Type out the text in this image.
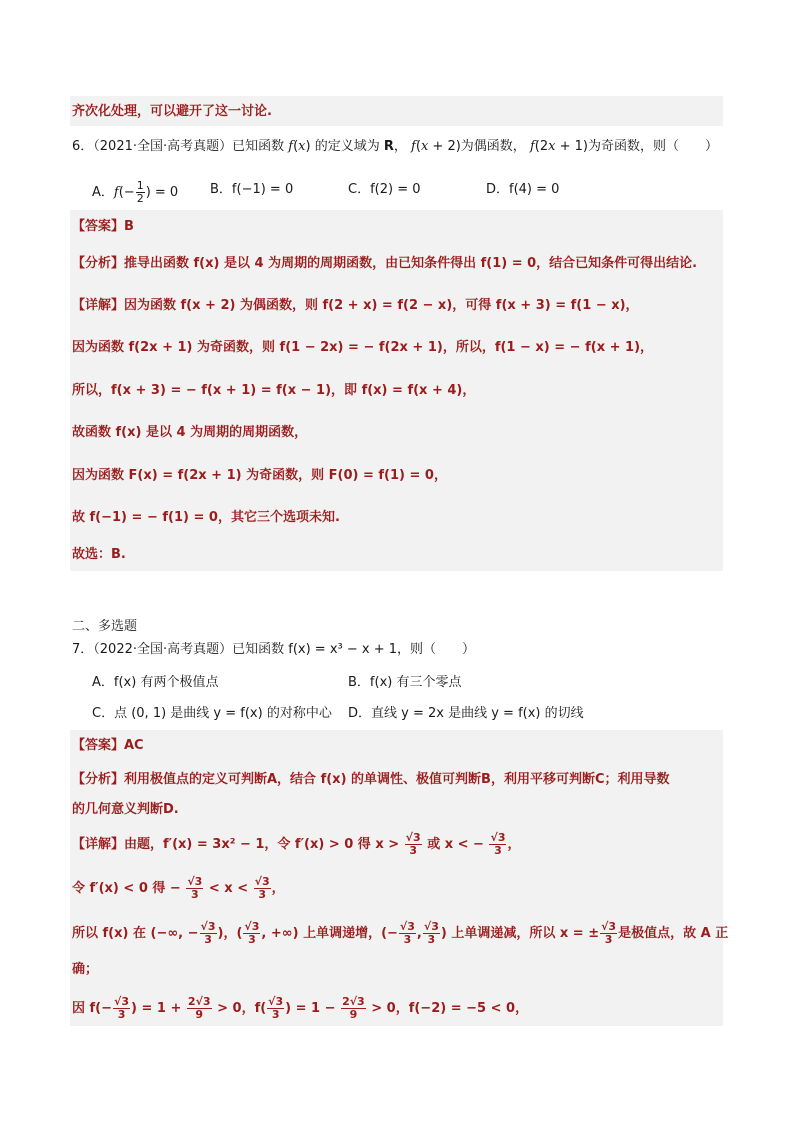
齐次化处理，可以避开了这一讨论.
6．（2021·全国·高考真题）已知函数 f(x) 的定义域为 R， f(x + 2)为偶函数， f(2x + 1)为奇函数，则（　　）
A．$f(- \frac{1}{2}$ ) = 0 B．f(−1) = 0	C．f(2) = 0	D．f(4) = 0
【答案】B
【分析】推导出函数 f(x) 是以 4 为周期的周期函数，由已知条件得出 f(1) = 0，结合已知条件可得出结论.
【详解】因为函数 f(x + 2) 为偶函数，则 f(2 + x) = f(2 − x)，可得 f(x + 3) = f(1 − x)，
因为函数 f(2x + 1) 为奇函数，则 f(1 − 2x) = − f(2x + 1)，所以，f(1 − x) = − f(x + 1)，
所以，f(x + 3) = − f(x + 1) = f(x − 1)，即 f(x) = f(x + 4)，
故函数 f(x) 是以 4 为周期的周期函数，
因为函数 F(x) = f(2x + 1) 为奇函数，则 F(0) = f(1) = 0，
故 f(−1) = − f(1) = 0，其它三个选项未知.
故选：B.
二、多选题
7．（2022·全国·高考真题）已知函数 f(x) = x³ − x + 1，则（　　）
A．f(x) 有两个极值点	B．f(x) 有三个零点
C．点 (0, 1) 是曲线 y = f(x) 的对称中心 D．直线 y = 2x 是曲线 y = f(x) 的切线
【答案】AC
【分析】利用极值点的定义可判断A，结合 f(x) 的单调性、极值可判断B，利用平移可判断C；利用导数
的几何意义判断D.
【详解】由题，f′(x) = 3x² − 1，令 f′(x) > 0 得 $x > \frac{√3}{3}$ 或 x < − $\frac{√3}{3}$ ，
令 f′(x) < 0 得 − $\frac{√3}{3} < x < \frac{√3}{3}$ ，
所以 f(x) 在 (−∞, − $\frac{√3}{3}$ )，( $\frac{√3}{3}$ , +∞) 上单调递增，(− $\frac{√3}{3}$ , $\frac{√3}{3}$ ) 上单调递减，所以 x = ± $\frac{√3}{3}$ 是极值点，故 A 正
确；
因 $f(- \frac{√3}{3}$ ) = $1 + \frac{2√3}{9} > 0$，$f( \frac{√3}{3}$ ) = $1 - \frac{2√3}{9} > 0$，f(−2) = −5 < 0，
